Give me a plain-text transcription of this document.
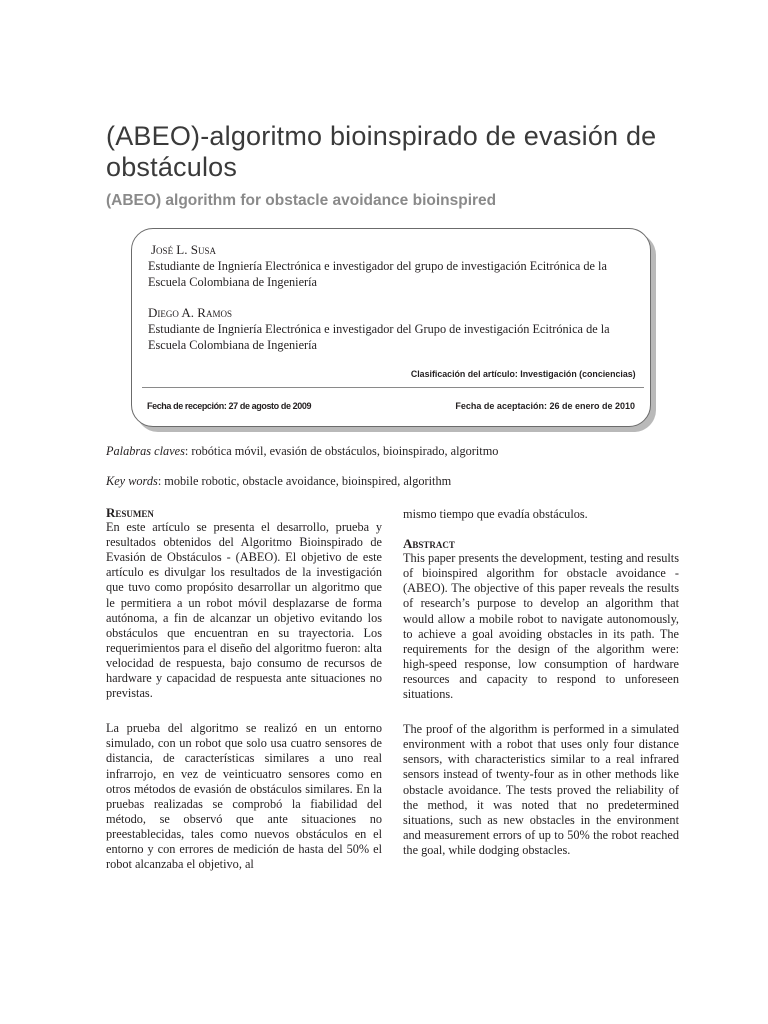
(ABEO)-algoritmo bioinspirado de evasión de obstáculos
(ABEO) algorithm for obstacle avoidance bioinspired
José L. Susa
Estudiante de Ingniería Electrónica e investigador del grupo de investigación Ecitrónica de la Escuela Colombiana de Ingeniería
Diego A. Ramos
Estudiante de Ingniería Electrónica e investigador del Grupo de investigación Ecitrónica de la Escuela Colombiana de Ingeniería
Clasificación del artículo: Investigación (conciencias)
Fecha de recepción: 27 de agosto de 2009	Fecha de aceptación: 26 de enero de 2010
Palabras claves: robótica móvil, evasión de obstáculos, bioinspirado, algoritmo
Key words: mobile robotic, obstacle avoidance, bioinspired, algorithm
Resumen

En este artículo se presenta el desarrollo, prueba y resultados obtenidos del Algoritmo Bioinspirado de Evasión de Obstáculos - (ABEO). El objetivo de este artículo es divulgar los resultados de la investigación que tuvo como propósito desarrollar un algoritmo que le permitiera a un robot móvil desplazarse de forma autónoma, a fin de alcanzar un objetivo evitando los obstáculos que encuentran en su trayectoria. Los requerimientos para el diseño del algoritmo fueron: alta velocidad de respuesta, bajo consumo de recursos de hardware y capacidad de respuesta ante situaciones no previstas.

La prueba del algoritmo se realizó en un entorno simulado, con un robot que solo usa cuatro sensores de distancia, de características similares a uno real infrarrojo, en vez de veinticuatro sensores como en otros métodos de evasión de obstáculos similares. En la pruebas realizadas se comprobó la fiabilidad del método, se observó que ante situaciones no preestablecidas, tales como nuevos obstáculos en el entorno y con errores de medición de hasta del 50% el robot alcanzaba el objetivo, al

mismo tiempo que evadía obstáculos.

Abstract

This paper presents the development, testing and results of bioinspired algorithm for obstacle avoidance - (ABEO). The objective of this paper reveals the results of research’s purpose to develop an algorithm that would allow a mobile robot to navigate autonomously, to achieve a goal avoiding obstacles in its path. The requirements for the design of the algorithm were: high-speed response, low consumption of hardware resources and capacity to respond to unforeseen situations.

The proof of the algorithm is performed in a simulated environment with a robot that uses only four distance sensors, with characteristics similar to a real infrared sensors instead of twenty-four as in other methods like obstacle avoidance. The tests proved the reliability of the method, it was noted that no predetermined situations, such as new obstacles in the environment and measurement errors of up to 50% the robot reached the goal, while dodging obstacles.
